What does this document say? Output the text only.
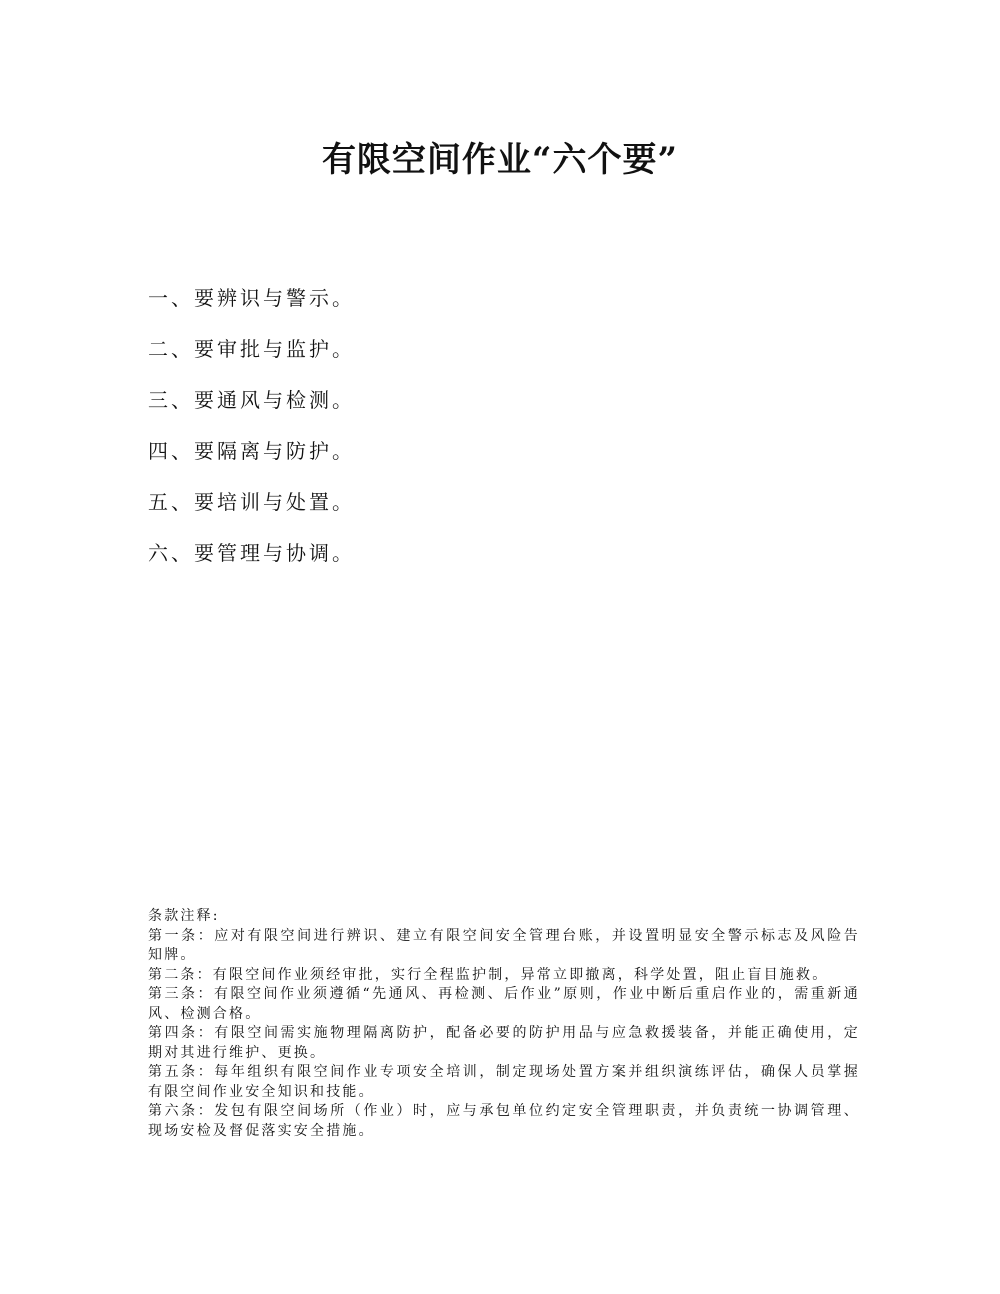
有限空间作业“六个要”
一、要辨识与警示。
二、要审批与监护。
三、要通风与检测。
四、要隔离与防护。
五、要培训与处置。
六、要管理与协调。

条款注释:

第一条：应对有限空间进行辨识、建立有限空间安全管理台账，并设置明显安全警示标志及风险告知牌。

第二条：有限空间作业须经审批，实行全程监护制，异常立即撤离，科学处置，阻止盲目施救。

第三条：有限空间作业须遵循“先通风、再检测、后作业”原则，作业中断后重启作业的，需重新通风、检测合格。

第四条：有限空间需实施物理隔离防护，配备必要的防护用品与应急救援装备，并能正确使用，定期对其进行维护、更换。

第五条：每年组织有限空间作业专项安全培训，制定现场处置方案并组织演练评估，确保人员掌握有限空间作业安全知识和技能。

第六条：发包有限空间场所（作业）时，应与承包单位约定安全管理职责，并负责统一协调管理、现场安检及督促落实安全措施。
